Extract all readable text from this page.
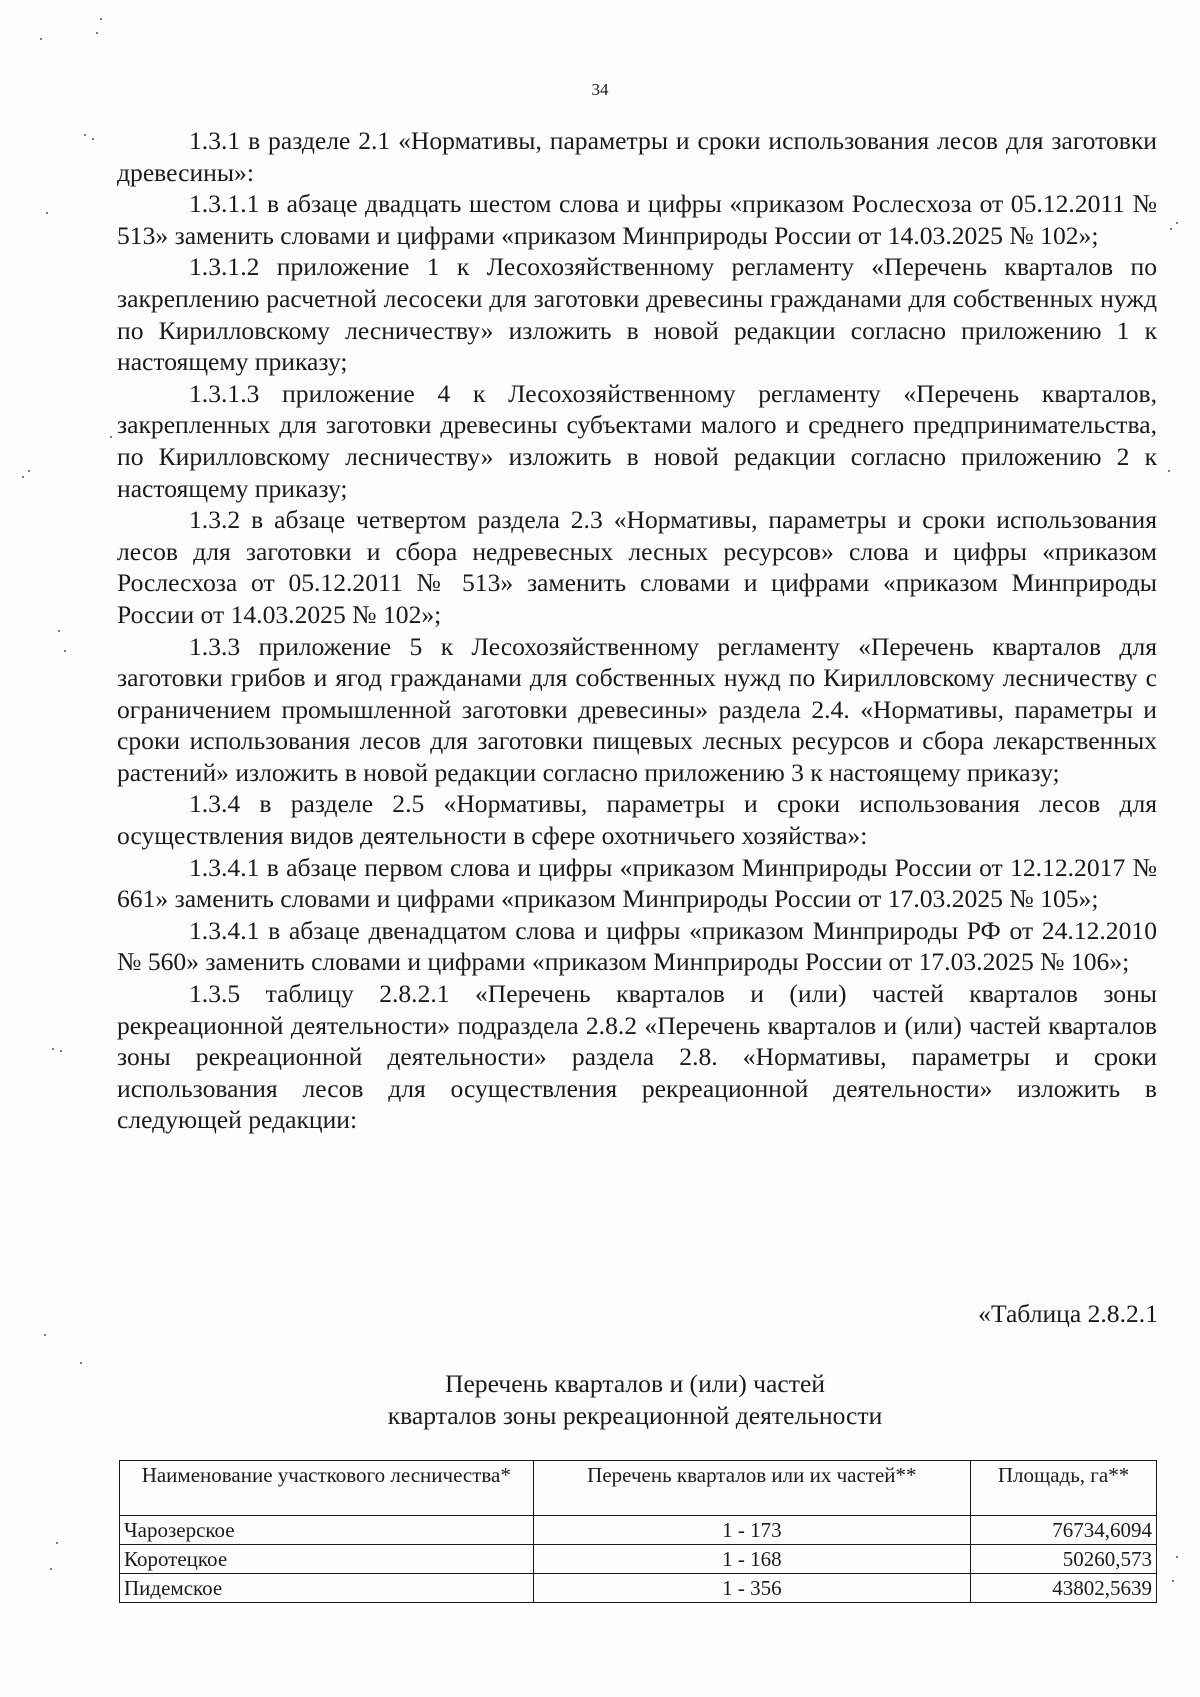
34

1.3.1 в разделе 2.1 «Нормативы, параметры и сроки использования лесов для заготовки древесины»:

1.3.1.1 в абзаце двадцать шестом слова и цифры «приказом Рослесхоза от 05.12.2011 № 513» заменить словами и цифрами «приказом Минприроды России от 14.03.2025 № 102»;

1.3.1.2 приложение 1 к Лесохозяйственному регламенту «Перечень кварталов по закреплению расчетной лесосеки для заготовки древесины гражданами для собственных нужд по Кирилловскому лесничеству» изложить в новой редакции согласно приложению 1 к настоящему приказу;

1.3.1.3 приложение 4 к Лесохозяйственному регламенту «Перечень кварталов, закрепленных для заготовки древесины субъектами малого и среднего предпринимательства, по Кирилловскому лесничеству» изложить в новой редакции согласно приложению 2 к настоящему приказу;

1.3.2 в абзаце четвертом раздела 2.3 «Нормативы, параметры и сроки использования лесов для заготовки и сбора недревесных лесных ресурсов» слова и цифры «приказом Рослесхоза от 05.12.2011 № 513» заменить словами и цифрами «приказом Минприроды России от 14.03.2025 № 102»;

1.3.3 приложение 5 к Лесохозяйственному регламенту «Перечень кварталов для заготовки грибов и ягод гражданами для собственных нужд по Кирилловскому лесничеству с ограничением промышленной заготовки древесины» раздела 2.4. «Нормативы, параметры и сроки использования лесов для заготовки пищевых лесных ресурсов и сбора лекарственных растений» изложить в новой редакции согласно приложению 3 к настоящему приказу;

1.3.4 в разделе 2.5 «Нормативы, параметры и сроки использования лесов для осуществления видов деятельности в сфере охотничьего хозяйства»:

1.3.4.1 в абзаце первом слова и цифры «приказом Минприроды России от 12.12.2017 № 661» заменить словами и цифрами «приказом Минприроды России от 17.03.2025 № 105»;

1.3.4.1 в абзаце двенадцатом слова и цифры «приказом Минприроды РФ от 24.12.2010 № 560» заменить словами и цифрами «приказом Минприроды России от 17.03.2025 № 106»;

1.3.5 таблицу 2.8.2.1 «Перечень кварталов и (или) частей кварталов зоны рекреационной деятельности» подраздела 2.8.2 «Перечень кварталов и (или) частей кварталов зоны рекреационной деятельности» раздела 2.8. «Нормативы, параметры и сроки использования лесов для осуществления рекреационной деятельности» изложить в следующей редакции:

«Таблица 2.8.2.1
Перечень кварталов и (или) частей
кварталов зоны рекреационной деятельности
Наименование участкового лесничества*	Перечень кварталов или их частей**	Площадь, га**
Чарозерское	1 - 173	76734,6094
Коротецкое	1 - 168	50260,573
Пидемское	1 - 356	43802,5639
